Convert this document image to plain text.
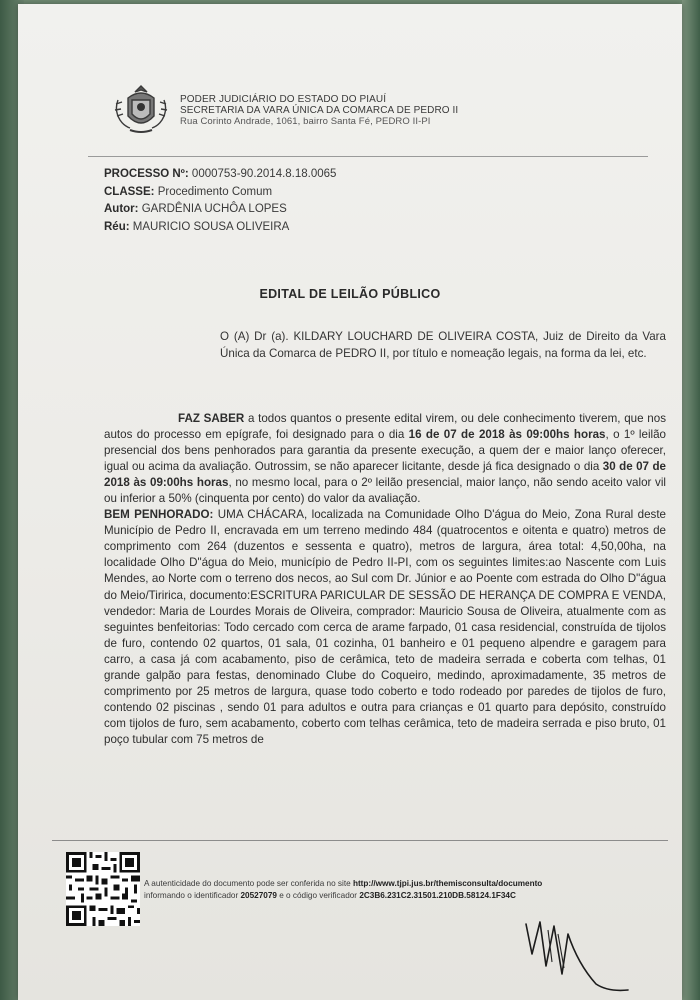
PODER JUDICIÁRIO DO ESTADO DO PIAUÍ
SECRETARIA DA VARA ÚNICA DA COMARCA DE PEDRO II
Rua Corinto Andrade, 1061, bairro Santa Fé, PEDRO II-PI
PROCESSO Nº: 0000753-90.2014.8.18.0065
CLASSE: Procedimento Comum
Autor: GARDÊNIA UCHÔA LOPES
Réu: MAURICIO SOUSA OLIVEIRA
EDITAL DE LEILÃO PÚBLICO
O (A) Dr (a). KILDARY LOUCHARD DE OLIVEIRA COSTA, Juiz de Direito da Vara Única da Comarca de PEDRO II, por título e nomeação legais, na forma da lei, etc.

FAZ SABER a todos quantos o presente edital virem, ou dele conhecimento tiverem, que nos autos do processo em epígrafe, foi designado para o dia 16 de 07 de 2018 às 09:00hs horas, o 1º leilão presencial dos bens penhorados para garantia da presente execução, a quem der e maior lanço oferecer, igual ou acima da avaliação. Outrossim, se não aparecer licitante, desde já fica designado o dia 30 de 07 de 2018 às 09:00hs horas, no mesmo local, para o 2º leilão presencial, maior lanço, não sendo aceito valor vil ou inferior a 50% (cinquenta por cento) do valor da avaliação.

BEM PENHORADO: UMA CHÁCARA, localizada na Comunidade Olho D'água do Meio, Zona Rural deste Município de Pedro II, encravada em um terreno medindo 484 (quatrocentos e oitenta e quatro) metros de comprimento com 264 (duzentos e sessenta e quatro), metros de largura, área total: 4,50,00ha, na localidade Olho D"água do Meio, município de Pedro II-PI, com os seguintes limites:ao Nascente com Luis Mendes, ao Norte com o terreno dos necos, ao Sul com Dr. Júnior e ao Poente com estrada do Olho D"água do Meio/Tiririca, documento:ESCRITURA PARICULAR DE SESSÃO DE HERANÇA DE COMPRA E VENDA, vendedor: Maria de Lourdes Morais de Oliveira, comprador: Mauricio Sousa de Oliveira, atualmente com as seguintes benfeitorias: Todo cercado com cerca de arame farpado, 01 casa residencial, construída de tijolos de furo, contendo 02 quartos, 01 sala, 01 cozinha, 01 banheiro e 01 pequeno alpendre e garagem para carro, a casa já com acabamento, piso de cerâmica, teto de madeira serrada e coberta com telhas, 01 grande galpão para festas, denominado Clube do Coqueiro, medindo, aproximadamente, 35 metros de comprimento por 25 metros de largura, quase todo coberto e todo rodeado por paredes de tijolos de furo, contendo 02 piscinas , sendo 01 para adultos e outra para crianças e 01 quarto para depósito, construído com tijolos de furo, sem acabamento, coberto com telhas cerâmica, teto de madeira serrada e piso bruto, 01 poço tubular com 75 metros de

A autenticidade do documento pode ser conferida no site http://www.tjpi.jus.br/themisconsulta/documento
informando o identificador 20527079 e o código verificador 2C3B6.231C2.31501.210DB.58124.1F34C
